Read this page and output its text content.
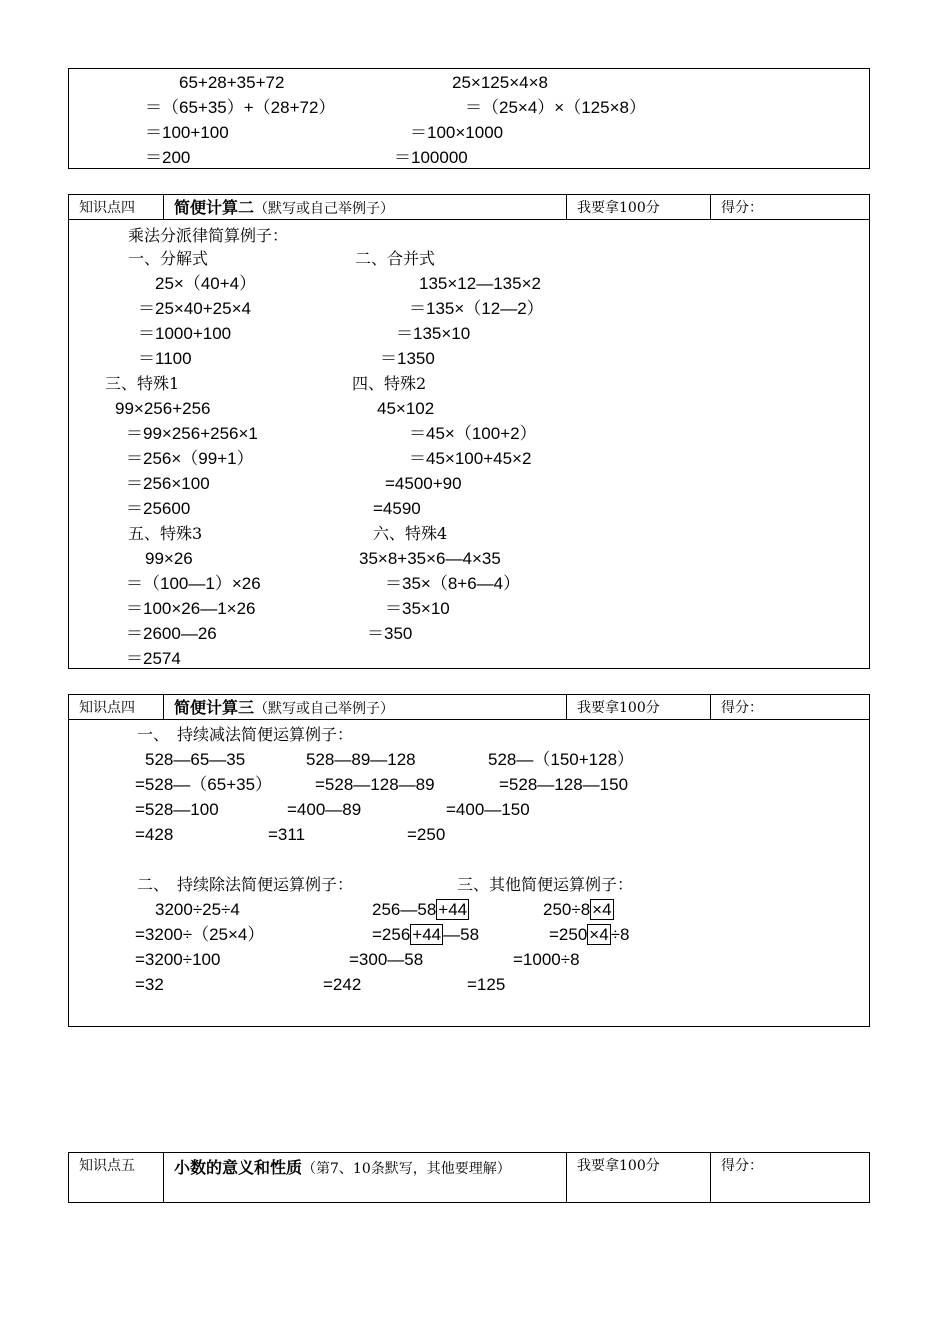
65+28+35+72
＝（65+35）+（28+72）
＝100+100
＝200
25×125×4×8
＝（25×4）×（125×8）
＝100×1000
＝100000
知识点四	简便计算二（默写或自己举例子）	我要拿100分	得分：
乘法分派律简算例子：
一、分解式	二、合并式
25×（40+4）
＝25×40+25×4
＝1000+100
＝1100
135×12—135×2
＝135×（12—2）
＝135×10
＝1350
三、特殊1	四、特殊2
99×256+256
＝99×256+256×1
＝256×（99+1）
＝256×100
＝25600
45×102
＝45×（100+2）
＝45×100+45×2
=4500+90
=4590
五、特殊3	六、特殊4
99×26
＝（100—1）×26
＝100×26—1×26
＝2600—26
＝2574
35×8+35×6—4×35
＝35×（8+6—4）
＝35×10
＝350
知识点四	简便计算三（默写或自己举例子）	我要拿100分	得分：
一、　持续减法简便运算例子：
528—65—35
=528—（65+35）
=528—100
=428
528—89—128
=528—128—89
=400—89
=311
528—（150+128）
=528—128—150
=400—150
=250
二、　持续除法简便运算例子：	三、其他简便运算例子：
3200÷25÷4
=3200÷（25×4）
=3200÷100
=32
256—58 +44
=256 +44 —58
=300—58
=242
250÷8 ×4
=250 ×4 ÷8
=1000÷8
=125
知识点五	小数的意义和性质（第7、10条默写，其他要理解）	我要拿100分	得分：
